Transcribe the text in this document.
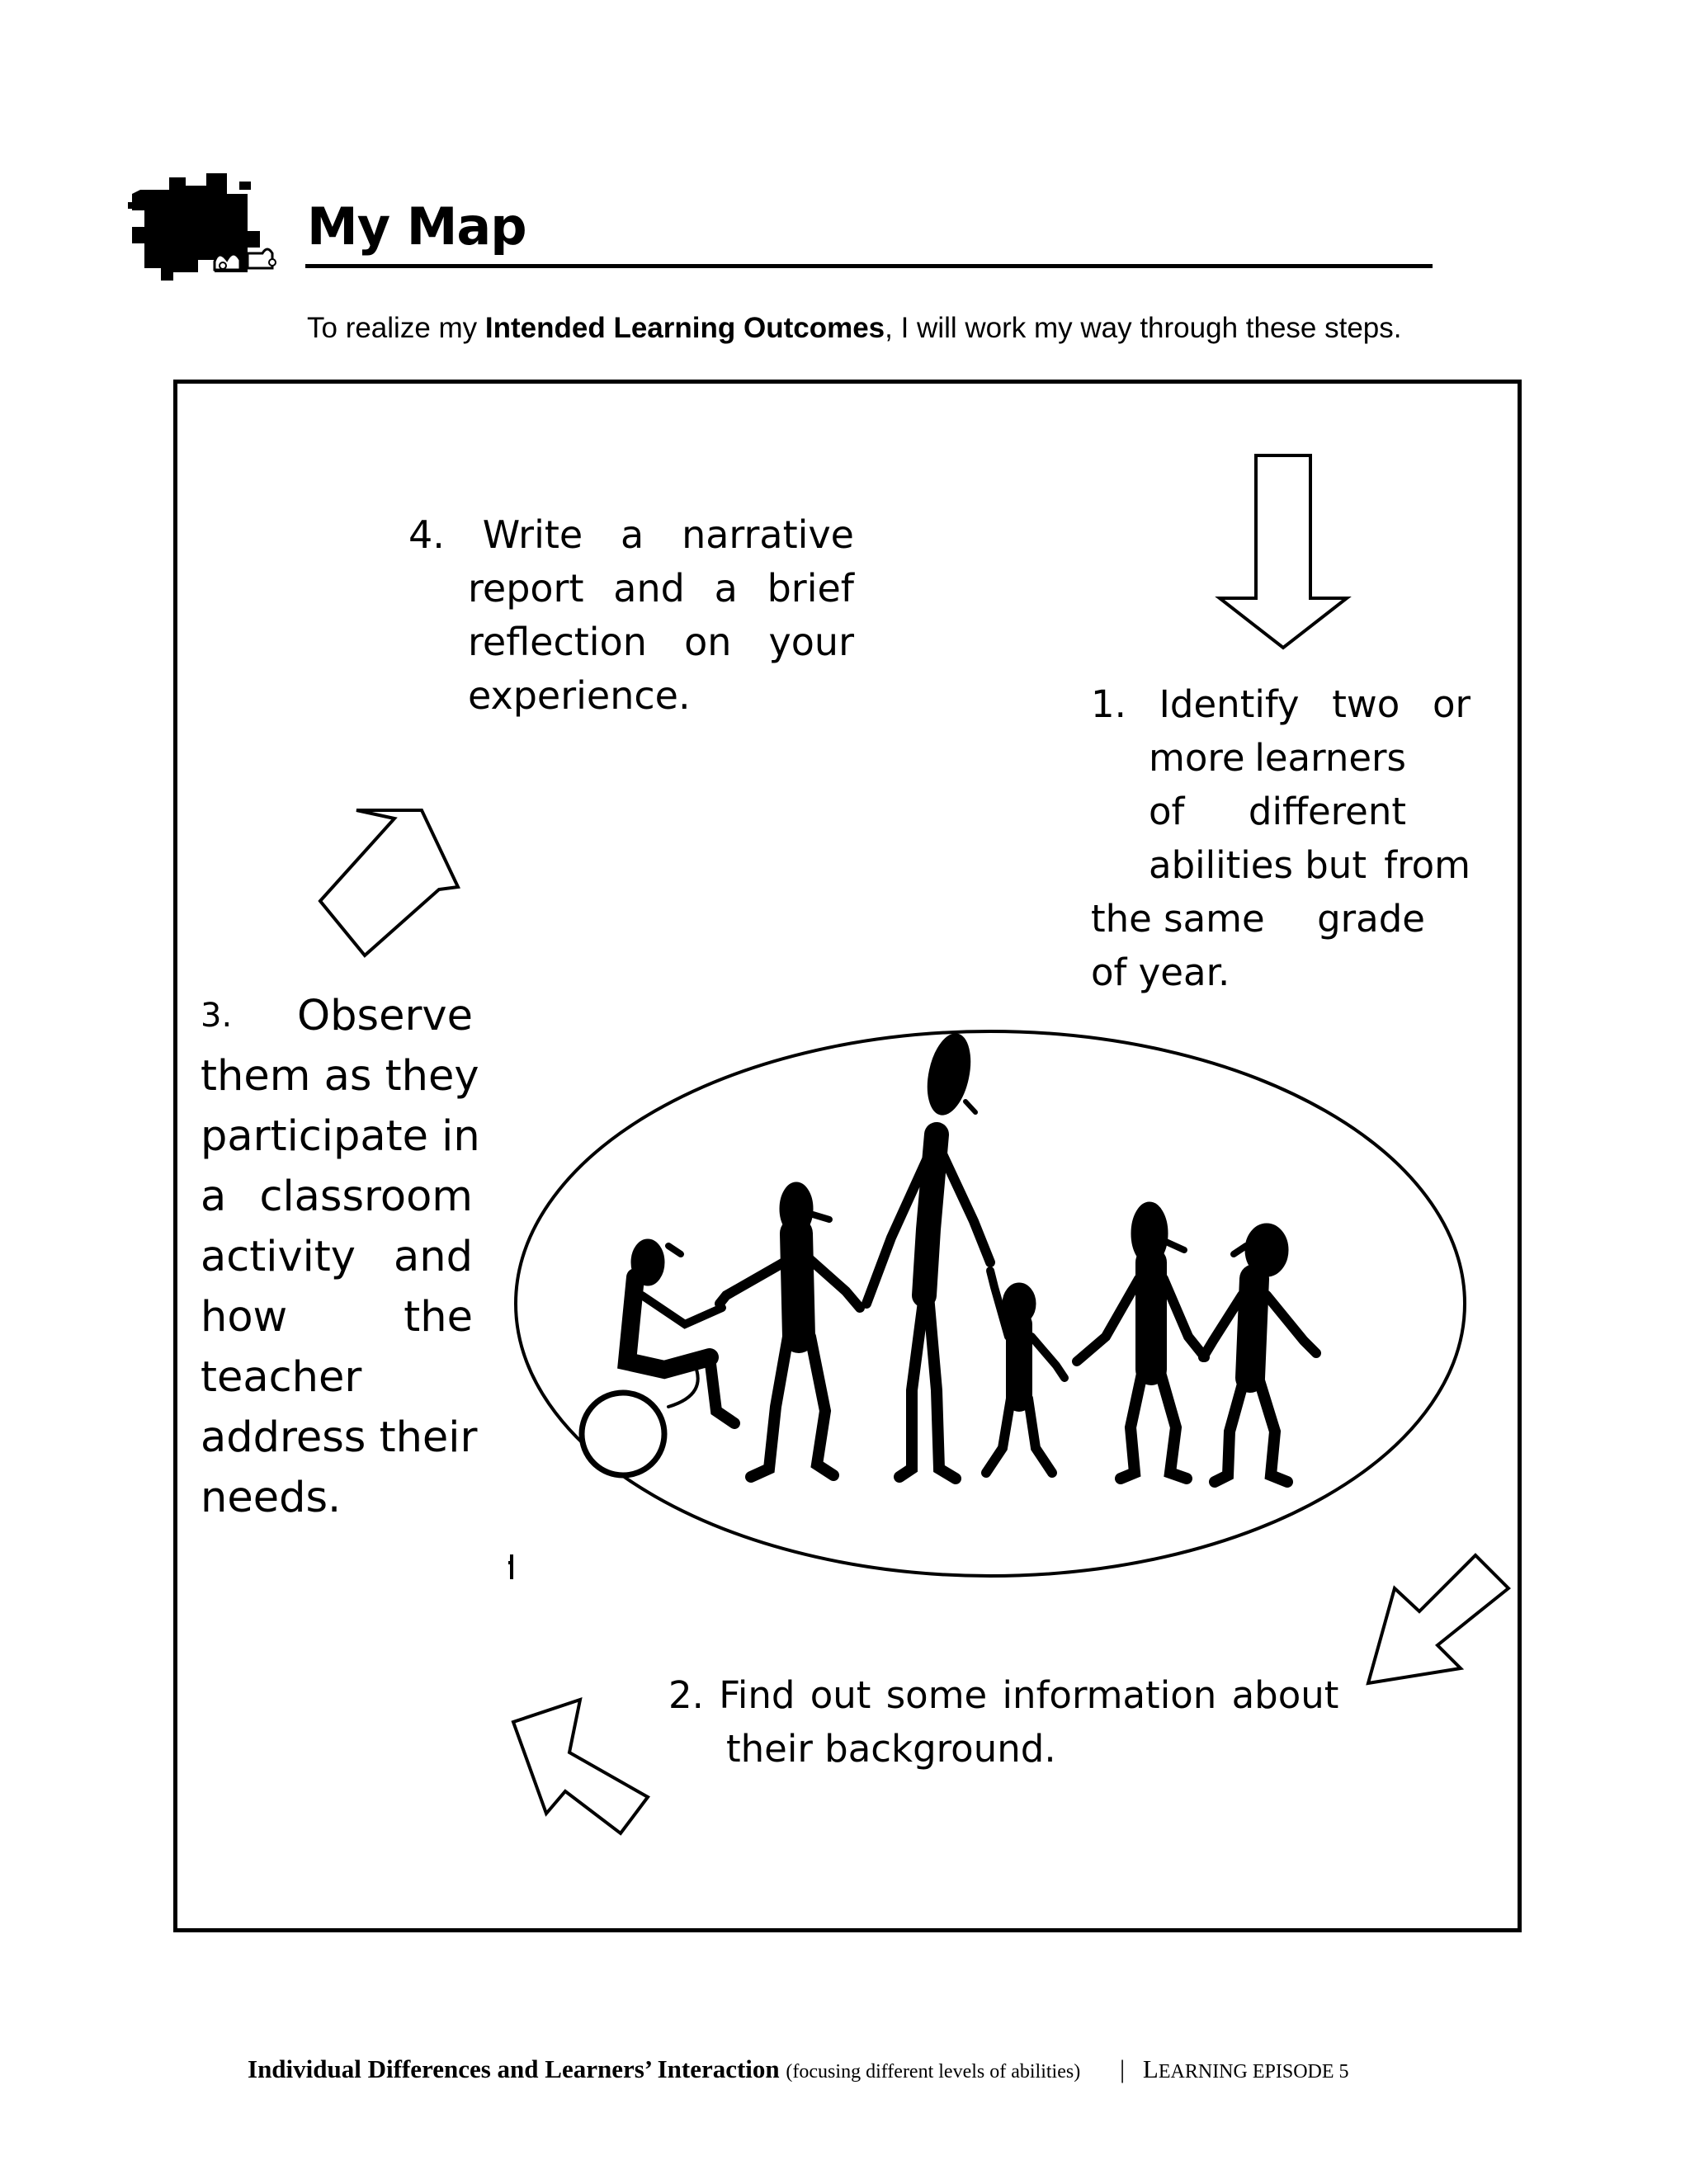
My Map
To realize my Intended Learning Outcomes, I will work my way through these steps.
4. Write a narrative
report and a brief
reflection on your
experience.	1. Identify two or
more learners
of different
abilities but from
the same grade
of year.
3. Observe
them as they
participate in
a classroom
activity and
how	the
teacher
address their
needs.
2. Find out some information about
their background.
Individual Differences and Learners’ Interaction (focusing different levels of abilities) | LEARNING EPISODE 5
